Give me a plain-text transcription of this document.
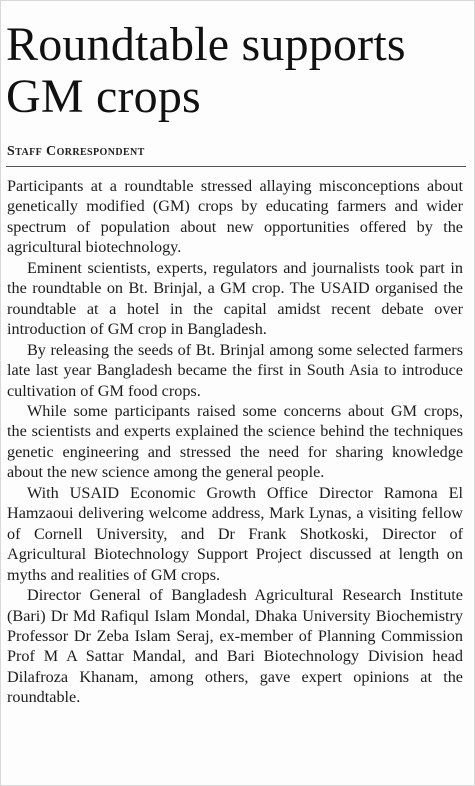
Roundtable supports GM crops
Staff Correspondent

Participants at a roundtable stressed allaying misconceptions about genetically modified (GM) crops by educating farmers and wider spectrum of population about new opportunities offered by the agricultural biotechnology.

Eminent scientists, experts, regulators and journalists took part in the roundtable on Bt. Brinjal, a GM crop. The USAID organised the roundtable at a hotel in the capital amidst recent debate over introduction of GM crop in Bangladesh.

By releasing the seeds of Bt. Brinjal among some selected farmers late last year Bangladesh became the first in South Asia to introduce cultivation of GM food crops.

While some participants raised some concerns about GM crops, the scientists and experts explained the science behind the techniques genetic engineering and stressed the need for sharing knowledge about the new science among the general people.

With USAID Economic Growth Office Director Ramona El Hamzaoui delivering welcome address, Mark Lynas, a visiting fellow of Cornell University, and Dr Frank Shotkoski, Director of Agricultural Biotechnology Support Project discussed at length on myths and realities of GM crops.

Director General of Bangladesh Agricultural Research Institute (Bari) Dr Md Rafiqul Islam Mondal, Dhaka University Biochemistry Professor Dr Zeba Islam Seraj, ex-member of Planning Commission Prof M A Sattar Mandal, and Bari Biotechnology Division head Dilafroza Khanam, among others, gave expert opinions at the roundtable.
